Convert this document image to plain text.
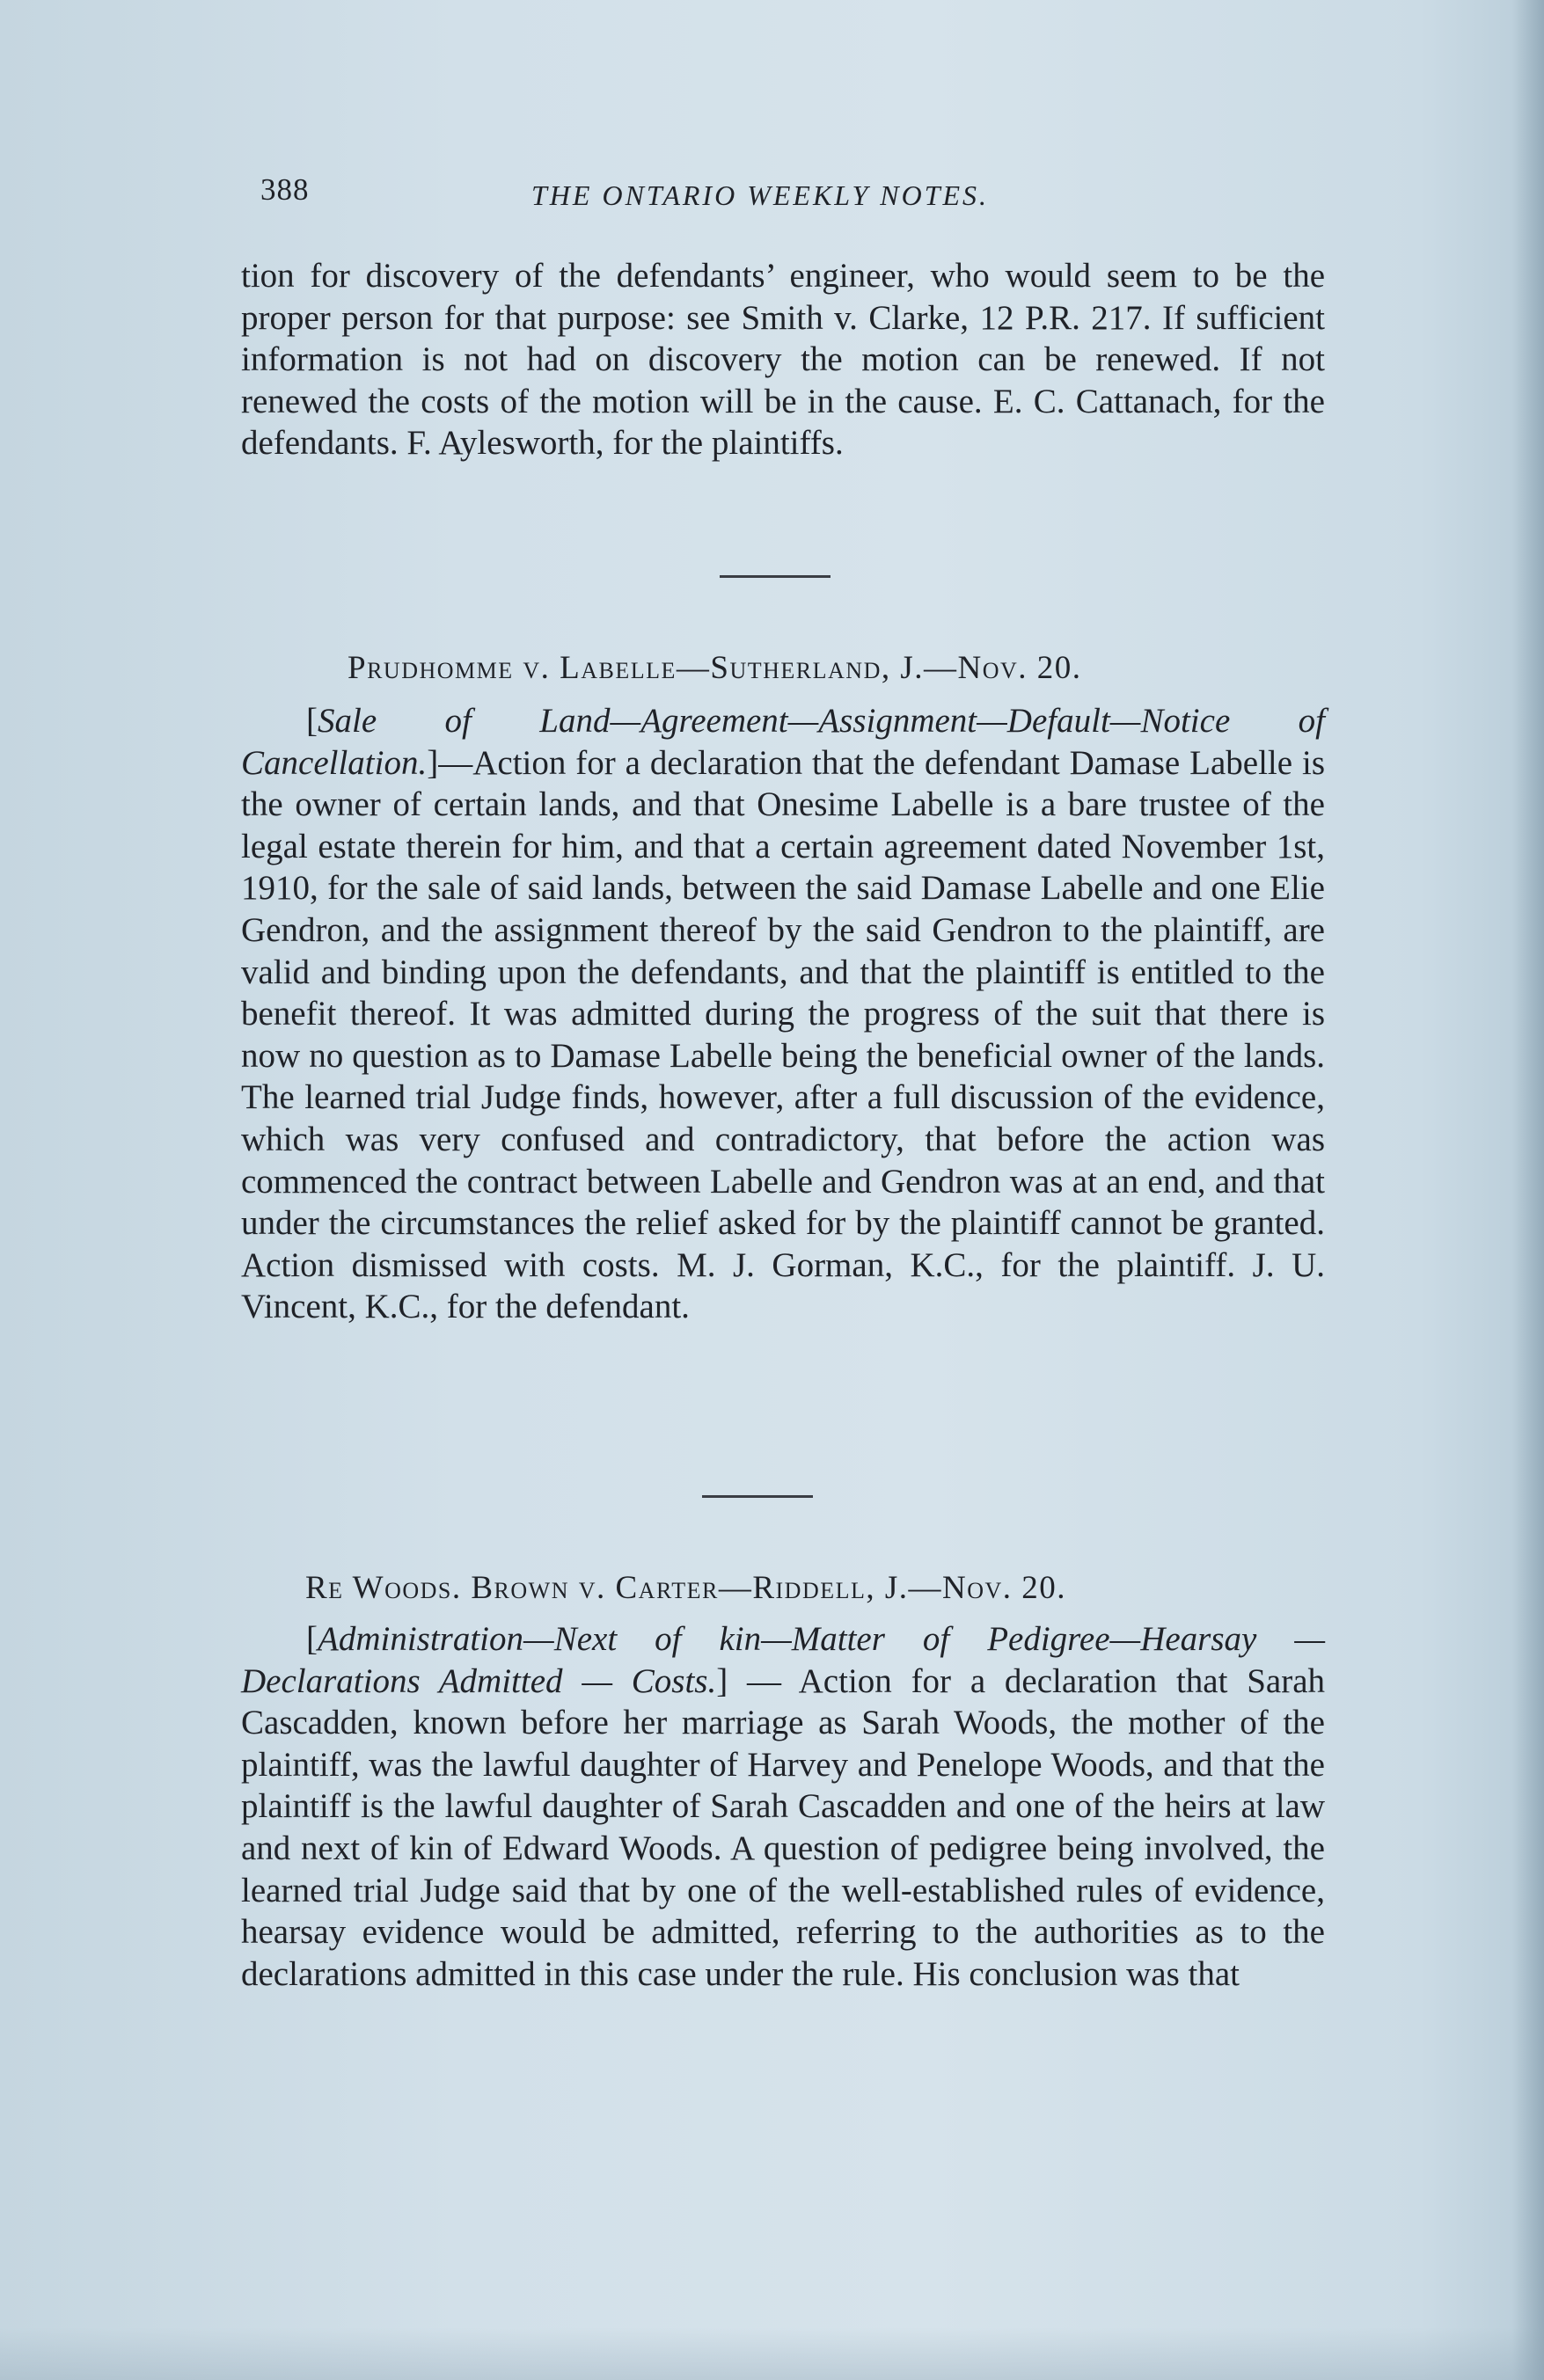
388	THE ONTARIO WEEKLY NOTES.

tion for discovery of the defendants’ engineer, who would seem to be the proper person for that purpose: see Smith v. Clarke, 12 P.R. 217. If sufficient information is not had on discovery the motion can be renewed. If not renewed the costs of the motion will be in the cause. E. C. Cattanach, for the defendants. F. Aylesworth, for the plaintiffs.

Prudhomme v. Labelle—Sutherland, J.—Nov. 20.

[Sale of Land—Agreement—Assignment—Default—Notice of Cancellation.]—Action for a declaration that the defendant Damase Labelle is the owner of certain lands, and that Onesime Labelle is a bare trustee of the legal estate therein for him, and that a certain agreement dated November 1st, 1910, for the sale of said lands, between the said Damase Labelle and one Elie Gendron, and the assignment thereof by the said Gendron to the plaintiff, are valid and binding upon the defendants, and that the plaintiff is entitled to the benefit thereof. It was admitted during the progress of the suit that there is now no question as to Damase Labelle being the beneficial owner of the lands. The learned trial Judge finds, however, after a full discussion of the evidence, which was very confused and contradictory, that before the action was commenced the contract between Labelle and Gendron was at an end, and that under the circumstances the relief asked for by the plaintiff cannot be granted. Action dismissed with costs. M. J. Gorman, K.C., for the plaintiff. J. U. Vincent, K.C., for the defendant.

Re Woods. Brown v. Carter—Riddell, J.—Nov. 20.

[Administration—Next of kin—Matter of Pedigree—Hearsay — Declarations Admitted — Costs.] — Action for a declaration that Sarah Cascadden, known before her marriage as Sarah Woods, the mother of the plaintiff, was the lawful daughter of Harvey and Penelope Woods, and that the plaintiff is the lawful daughter of Sarah Cascadden and one of the heirs at law and next of kin of Edward Woods. A question of pedigree being involved, the learned trial Judge said that by one of the well-established rules of evidence, hearsay evidence would be admitted, referring to the authorities as to the declarations admitted in this case under the rule. His conclusion was that
